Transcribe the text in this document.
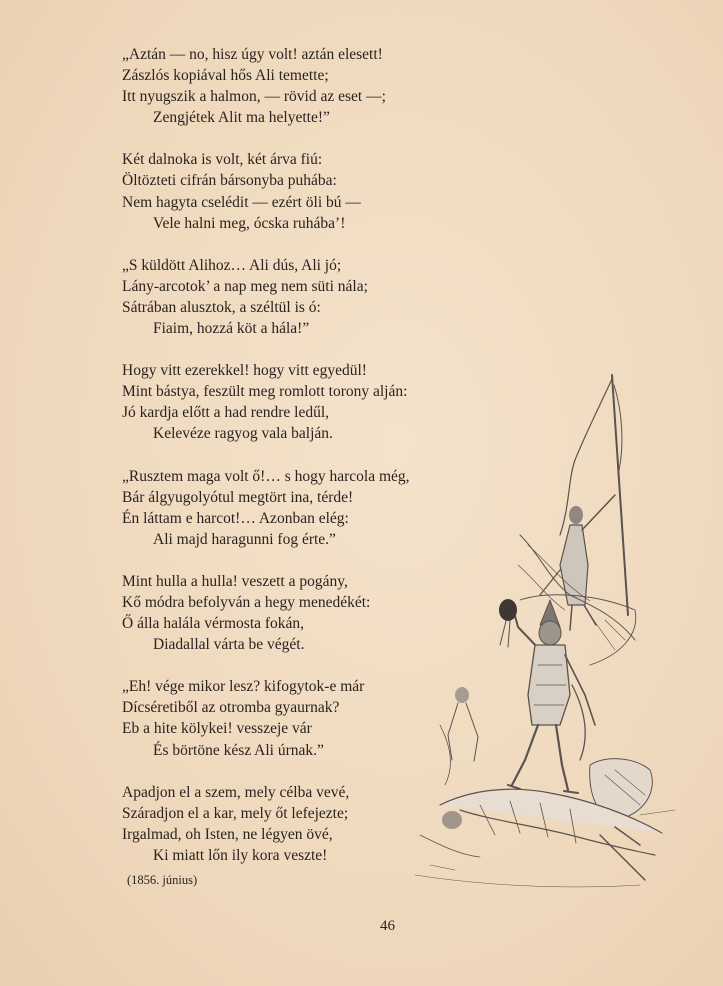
„Aztán — no, hisz úgy volt! aztán elesett!
Zászlós kopiával hős Ali temette;
Itt nyugszik a halmon, — rövid az eset —;
Zengjétek Alit ma helyette!”
Két dalnoka is volt, két árva fiú:
Öltözteti cifrán bársonyba puhába:
Nem hagyta cselédit — ezért öli bú —
Vele halni meg, ócska ruhába’!
„S küldött Alihoz… Ali dús, Ali jó;
Lány-arcotok’ a nap meg nem süti nála;
Sátrában alusztok, a széltül is ó:
Fiaim, hozzá köt a hála!”
Hogy vitt ezerekkel! hogy vitt egyedül!
Mint bástya, feszült meg romlott torony alján:
Jó kardja előtt a had rendre ledűl,
Kelevéze ragyog vala balján.
„Rusztem maga volt ő!… s hogy harcola még,
Bár álgyugolyótul megtört ina, térde!
Én láttam e harcot!… Azonban elég:
Ali majd haragunni fog érte.”
Mint hulla a hulla! veszett a pogány,
Kő módra befolyván a hegy menedékét:
Ő álla halála vérmosta fokán,
Diadallal várta be végét.
„Eh! vége mikor lesz? kifogytok-e már
Dícséretiből az otromba gyaurnak?
Eb a hite kölykei! vesszeje vár
És börtöne kész Ali úrnak.”
Apadjon el a szem, mely célba vevé,
Száradjon el a kar, mely őt lefejezte;
Irgalmad, oh Isten, ne légyen övé,
Ki miatt lőn ily kora veszte!
(1856. június)
46
